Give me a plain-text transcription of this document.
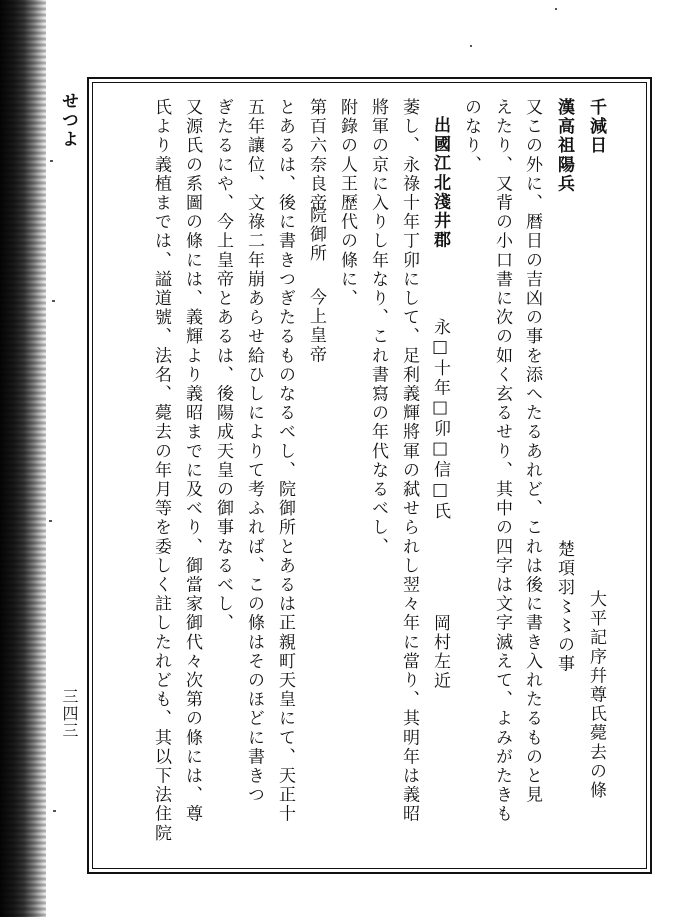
せつよ
三四三
千減日
大平記序幷尊氏薨去の條
漢高祖陽兵
楚項羽〻〻の事
又この外に、暦日の吉凶の事を添へたるあれど、これは後に書き入れたるものと見
えたり、又背の小口書に次の如く玄るせり、其中の四字は文字滅えて、よみがたきも
のなり、
出國江北淺井郡
永□十年□卯□信□氏
岡村左近
萎し、永祿十年丁卯にして、足利義輝將軍の弑せられし翌々年に當り、其明年は義昭
將軍の京に入りし年なり、これ書寫の年代なるべし、
附錄の人王歷代の條に、
第百六奈良帝
院御所
今上皇帝
とあるは、後に書きつぎたるものなるべし、院御所とあるは正親町天皇にて、天正十
五年讓位、文祿二年崩あらせ給ひしによりて考ふれば、この條はそのほどに書きつ
ぎたるにや、今上皇帝とあるは、後陽成天皇の御事なるべし、
又源氏の系圖の條には、義輝より義昭までに及べり、御當家御代々次第の條には、尊
氏より義植までは、謚道號、法名、薨去の年月等を委しく註したれども、其以下法住院
